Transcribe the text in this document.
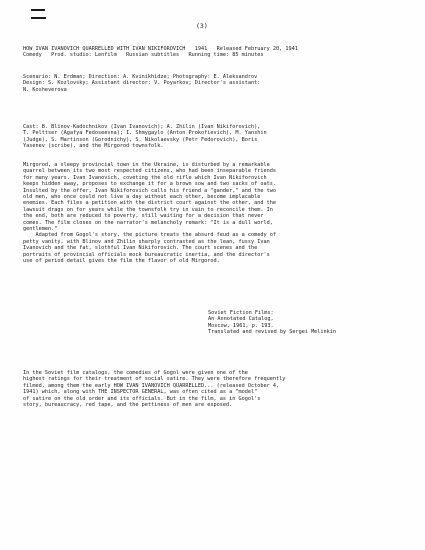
(3)
HOW IVAN IVANOVICH QUARRELLED WITH IVAN NIKIFOROVICH   1941   Released February 20, 1941
Comedy   Prod. studio: Lenfilm   Russian subtitles   Running time: 85 minutes
Scenario: N. Erdman; Direction: A. Kvinikhidze; Photography: E. Aleksandrov
Design: S. Kozlovsky; Assistant director: V. Poyarkov; Director's assistant:
N. Kosheverova
Cast: B. Blinov-Kadochnikov (Ivan Ivanovich); A. Zhilin (Ivan Nikiforovich),
T. Pelttser (Agafya Fedoseevna); I. Shmygaylo (Anton Prokofievich), M. Yanshin
(Judge), S. Martinson (Gorodnichy), S. Nikolaevsky (Petr Fedorovich), Boris
Yasenev (scribe), and the Mirgorod townsfolk.
Mirgorod, a sleepy provincial town in the Ukraine, is disturbed by a remarkable
quarrel between its two most respected citizens, who had been inseparable friends
for many years. Ivan Ivanovich, coveting the old rifle which Ivan Nikiforovich
keeps hidden away, proposes to exchange it for a brown sow and two sacks of oats.
Insulted by the offer, Ivan Nikiforovich calls his friend a "gander," and the two
old men, who once could not live a day without each other, become implacable
enemies. Each files a petition with the district court against the other, and the
lawsuit drags on for years while the townsfolk try in vain to reconcile them. In
the end, both are reduced to poverty, still waiting for a decision that never
comes. The film closes on the narrator's melancholy remark: "It is a dull world,
gentlemen."
Adapted from Gogol's story, the picture treats the absurd feud as a comedy of
petty vanity, with Blinov and Zhilin sharply contrasted as the lean, fussy Ivan
Ivanovich and the fat, slothful Ivan Nikiforovich. The court scenes and the
portraits of provincial officials mock bureaucratic inertia, and the director's
use of period detail gives the film the flavor of old Mirgorod.
Soviet Fiction Films:
An Annotated Catalog,
Moscow, 1961, p. 193.
Translated and revised by Sergei Melinkin
In the Soviet film catalogs, the comedies of Gogol were given one of the
highest ratings for their treatment of social satire. They were therefore frequently
filmed, among them the early HOW IVAN IVANOVICH QUARRELLED... (released October 4,
1941) which, along with THE INSPECTOR GENERAL, was often cited as a "model"
of satire on the old order and its officials. But in the film, as in Gogol's
story, bureaucracy, red tape, and the pettiness of men are exposed.
